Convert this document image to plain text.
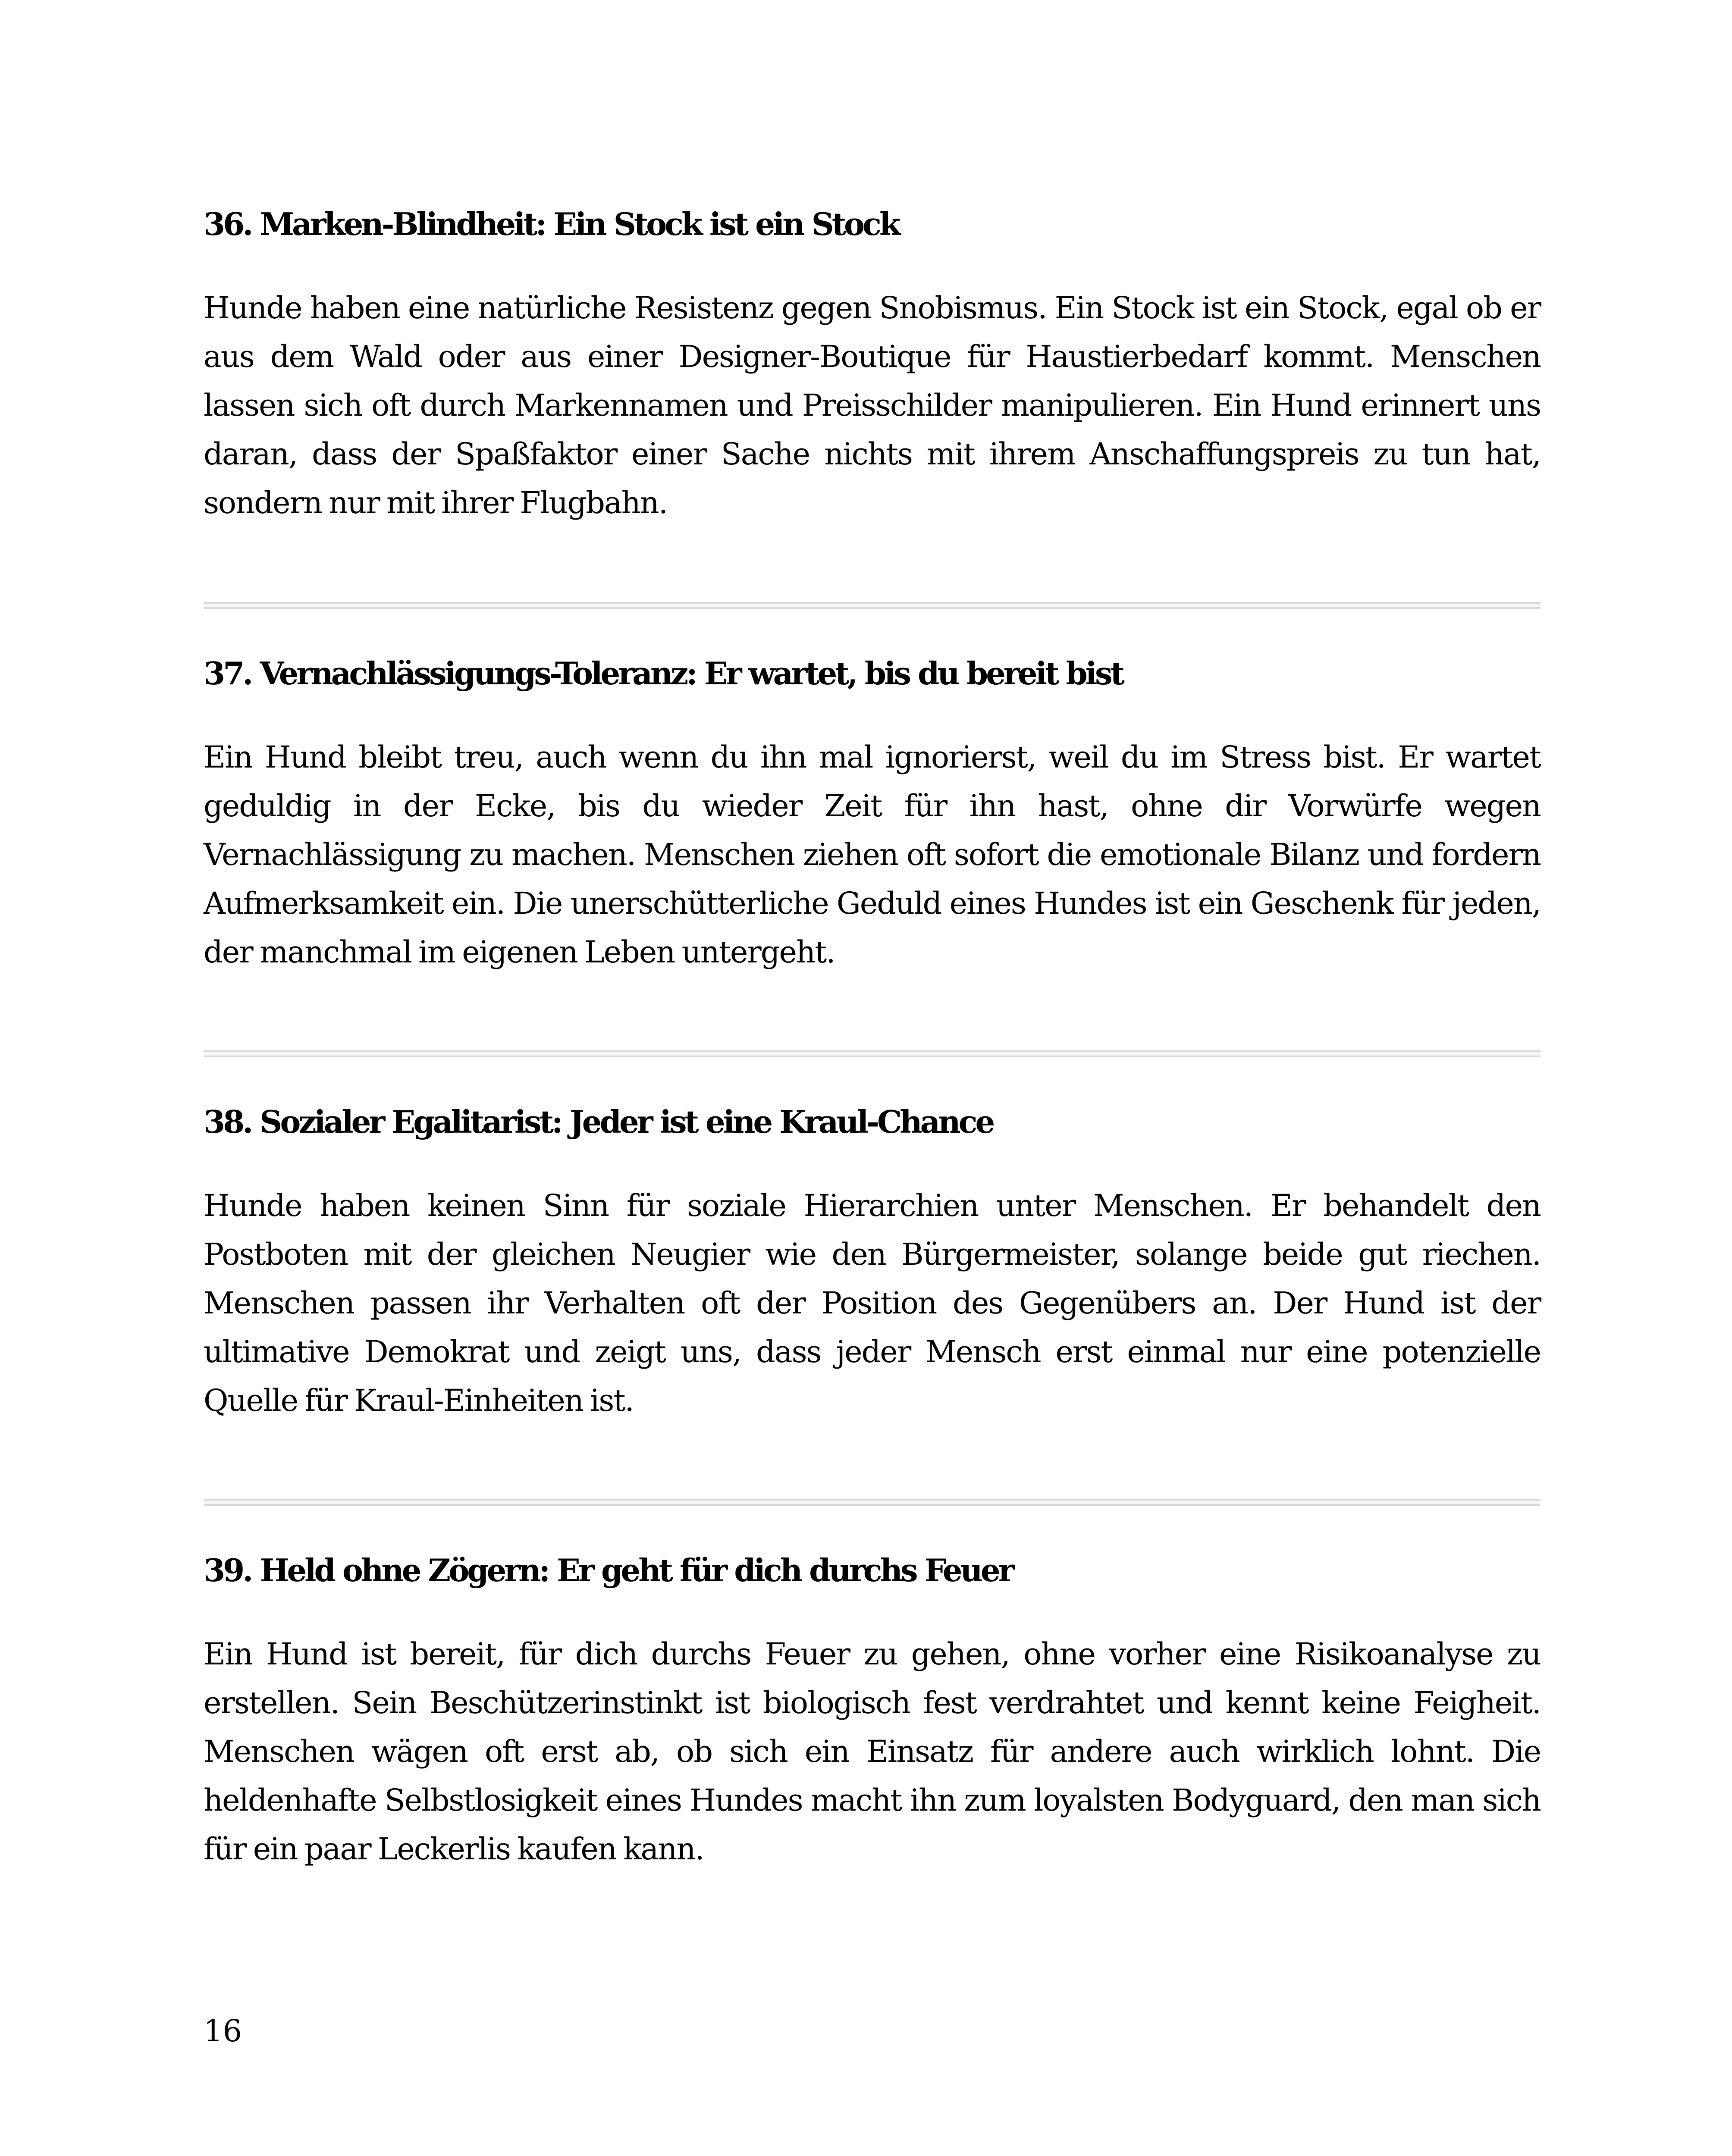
36. Marken-Blindheit: Ein Stock ist ein Stock

Hunde haben eine natürliche Resistenz gegen Snobismus. Ein Stock ist ein Stock, egal ob er aus dem Wald oder aus einer Designer-Boutique für Haustierbedarf kommt. Menschen lassen sich oft durch Markennamen und Preisschilder manipulieren. Ein Hund erinnert uns daran, dass der Spaßfaktor einer Sache nichts mit ihrem Anschaffungspreis zu tun hat, sondern nur mit ihrer Flugbahn.

37. Vernachlässigungs-Toleranz: Er wartet, bis du bereit bist

Ein Hund bleibt treu, auch wenn du ihn mal ignorierst, weil du im Stress bist. Er wartet geduldig in der Ecke, bis du wieder Zeit für ihn hast, ohne dir Vorwürfe wegen Vernachlässigung zu machen. Menschen ziehen oft sofort die emotionale Bilanz und fordern Aufmerksamkeit ein. Die unerschütterliche Geduld eines Hundes ist ein Geschenk für jeden, der manchmal im eigenen Leben untergeht.

38. Sozialer Egalitarist: Jeder ist eine Kraul-Chance

Hunde haben keinen Sinn für soziale Hierarchien unter Menschen. Er behandelt den Postboten mit der gleichen Neugier wie den Bürgermeister, solange beide gut riechen. Menschen passen ihr Verhalten oft der Position des Gegenübers an. Der Hund ist der ultimative Demokrat und zeigt uns, dass jeder Mensch erst einmal nur eine potenzielle Quelle für Kraul-Einheiten ist.

39. Held ohne Zögern: Er geht für dich durchs Feuer

Ein Hund ist bereit, für dich durchs Feuer zu gehen, ohne vorher eine Risikoanalyse zu erstellen. Sein Beschützerinstinkt ist biologisch fest verdrahtet und kennt keine Feigheit. Menschen wägen oft erst ab, ob sich ein Einsatz für andere auch wirklich lohnt. Die heldenhafte Selbstlosigkeit eines Hundes macht ihn zum loyalsten Bodyguard, den man sich für ein paar Leckerlis kaufen kann.

16
